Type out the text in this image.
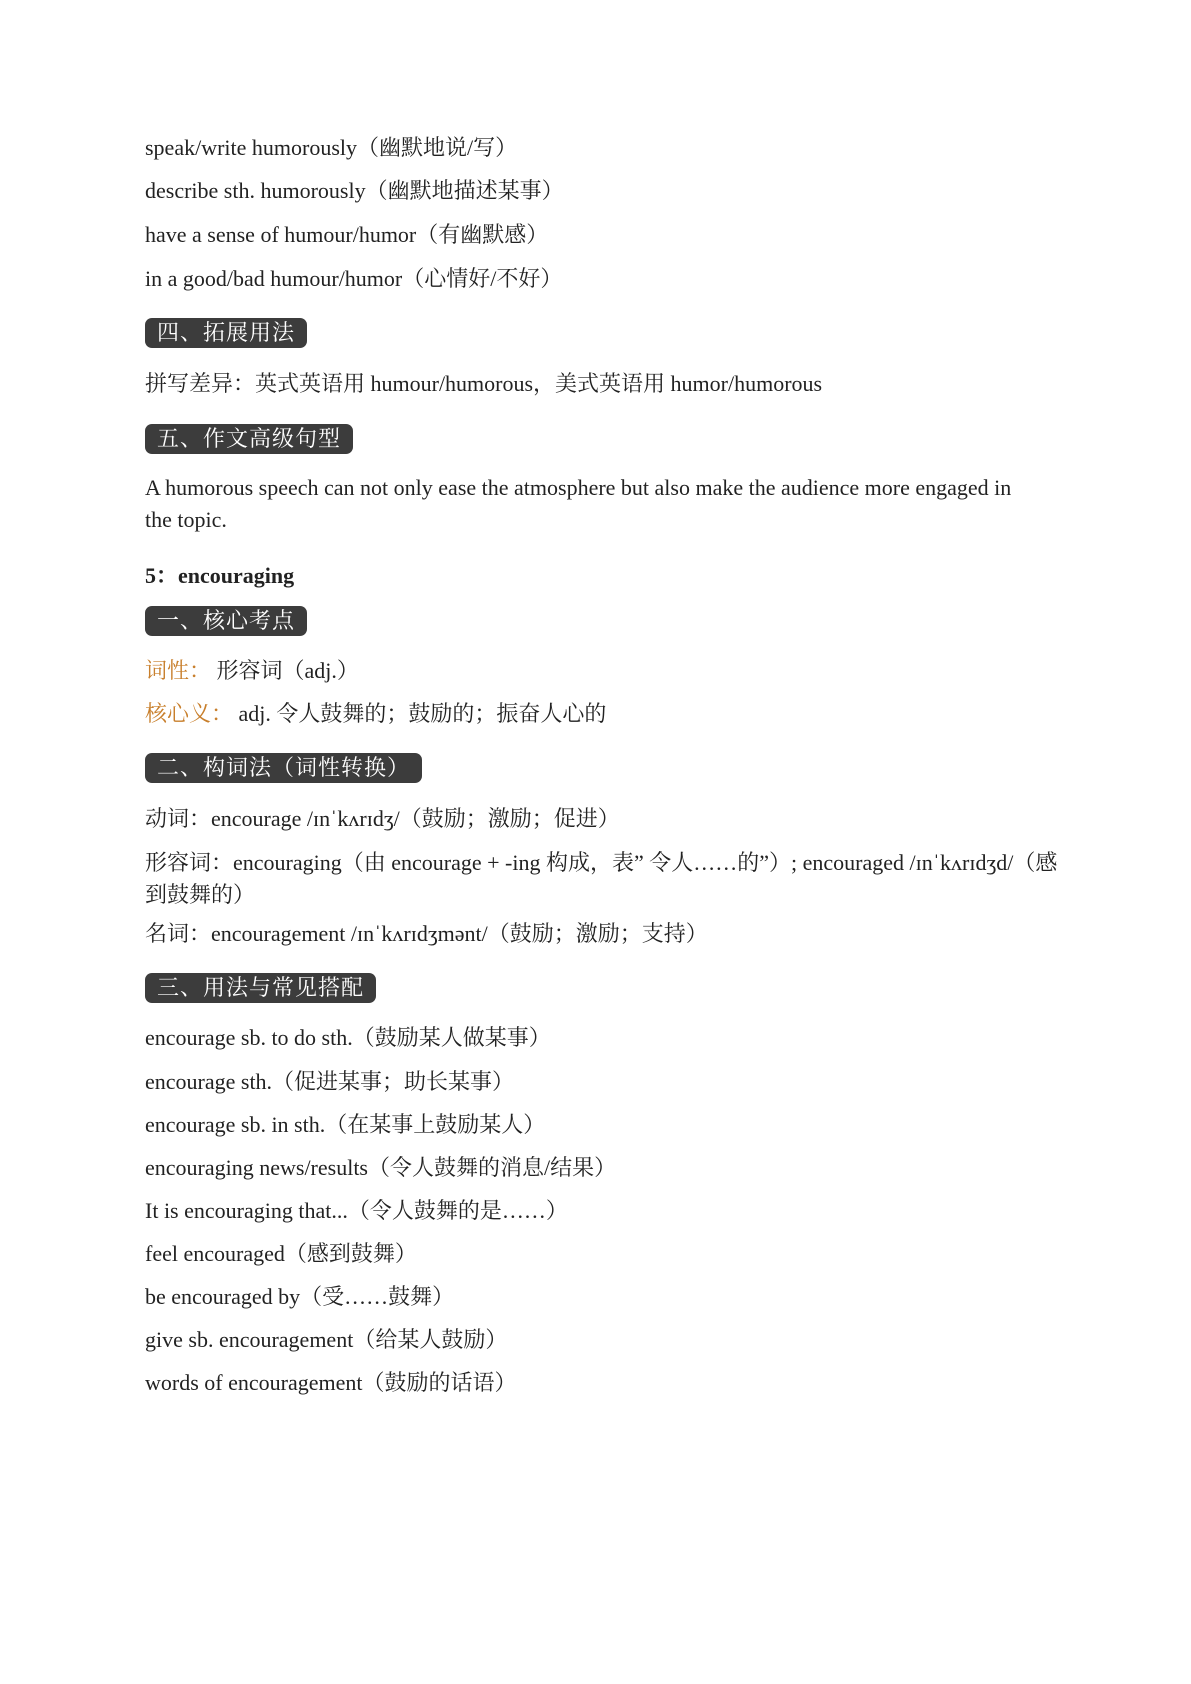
speak/write humorously（幽默地说/写）
describe sth. humorously（幽默地描述某事）
have a sense of humour/humor（有幽默感）
in a good/bad humour/humor（心情好/不好）
四、拓展用法
拼写差异：英式英语用 humour/humorous，美式英语用 humor/humorous
五、作文高级句型
A humorous speech can not only ease the atmosphere but also make the audience more engaged in the topic.
5：encouraging
一、核心考点
词性： 形容词（adj.）
核心义： adj. 令人鼓舞的；鼓励的；振奋人心的
二、构词法（词性转换）
动词：encourage /ɪnˈkʌrɪdʒ/（鼓励；激励；促进）
形容词：encouraging（由 encourage + -ing 构成，表” 令人……的”）; encouraged /ɪnˈkʌrɪdʒd/（感到鼓舞的）
名词：encouragement /ɪnˈkʌrɪdʒmənt/（鼓励；激励；支持）
三、用法与常见搭配
encourage sb. to do sth.（鼓励某人做某事）
encourage sth.（促进某事；助长某事）
encourage sb. in sth.（在某事上鼓励某人）
encouraging news/results（令人鼓舞的消息/结果）
It is encouraging that...（令人鼓舞的是……）
feel encouraged（感到鼓舞）
be encouraged by（受……鼓舞）
give sb. encouragement（给某人鼓励）
words of encouragement（鼓励的话语）
